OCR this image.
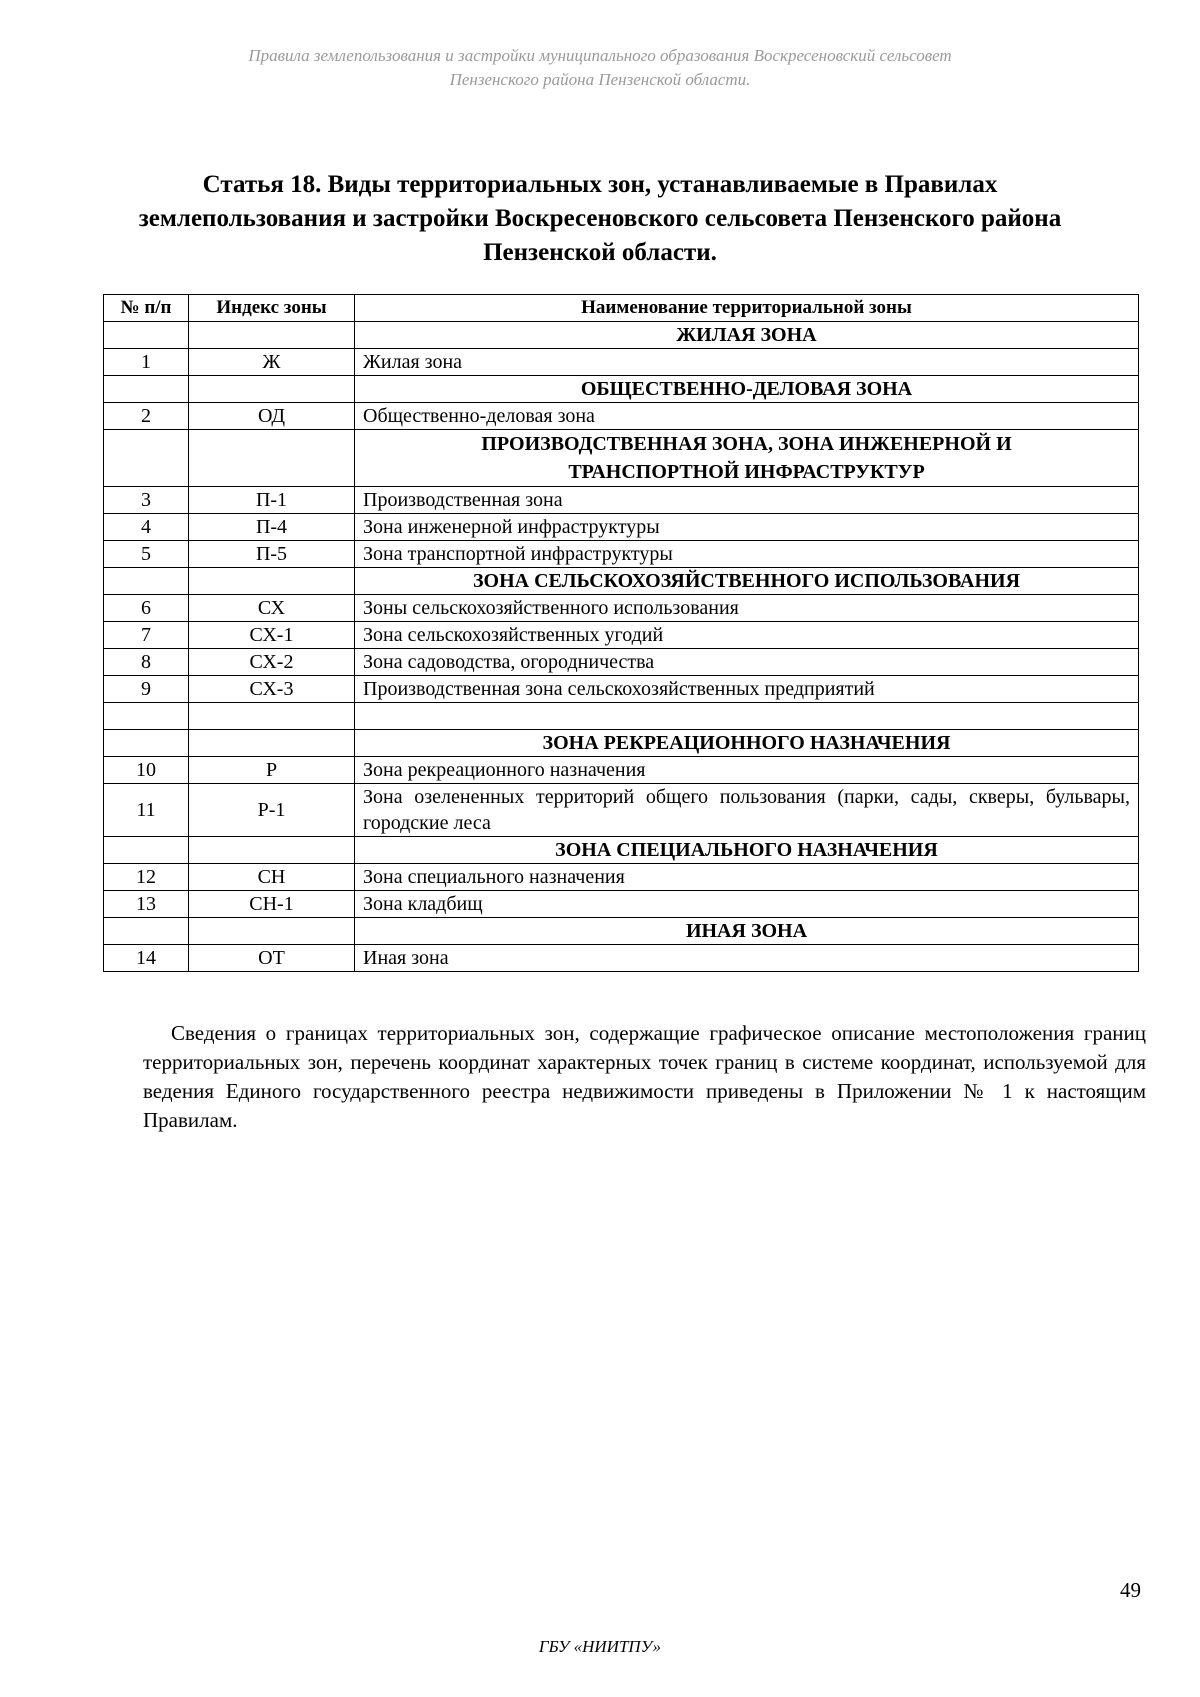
Правила землепользования и застройки муниципального образования Воскресеновский сельсовет
Пензенского района Пензенской области.
Статья 18. Виды территориальных зон, устанавливаемые в Правилах землепользования и застройки Воскресеновского сельсовета Пензенского района Пензенской области.
№ п/п	Индекс зоны	Наименование территориальной зоны
		ЖИЛАЯ ЗОНА
1	Ж	Жилая зона
		ОБЩЕСТВЕННО-ДЕЛОВАЯ ЗОНА
2	ОД	Общественно-деловая зона

		ПРОИЗВОДСТВЕННАЯ ЗОНА, ЗОНА ИНЖЕНЕРНОЙ И
ТРАНСПОРТНОЙ ИНФРАСТРУКТУР

3	П-1	Производственная зона
4	П-4	Зона инженерной инфраструктуры
5	П-5	Зона транспортной инфраструктуры
		ЗОНА СЕЛЬСКОХОЗЯЙСТВЕННОГО ИСПОЛЬЗОВАНИЯ
6	СХ	Зоны сельскохозяйственного использования
7	СХ-1	Зона сельскохозяйственных угодий
8	СХ-2	Зона садоводства, огородничества
9	СХ-3	Производственная зона сельскохозяйственных предприятий

		ЗОНА РЕКРЕАЦИОННОГО НАЗНАЧЕНИЯ
10	Р	Зона рекреационного назначения
11	Р-1	Зона озелененных территорий общего пользования (парки, сады, скверы, бульвары, городские леса
		ЗОНА СПЕЦИАЛЬНОГО НАЗНАЧЕНИЯ
12	СН	Зона специального назначения
13	СН-1	Зона кладбищ
		ИНАЯ ЗОНА
14	ОТ	Иная зона

Сведения о границах территориальных зон, содержащие графическое описание местоположения границ территориальных зон, перечень координат характерных точек границ в системе координат, используемой для ведения Единого государственного реестра недвижимости приведены в Приложении № 1 к настоящим Правилам.

49
ГБУ «НИИТПУ»
